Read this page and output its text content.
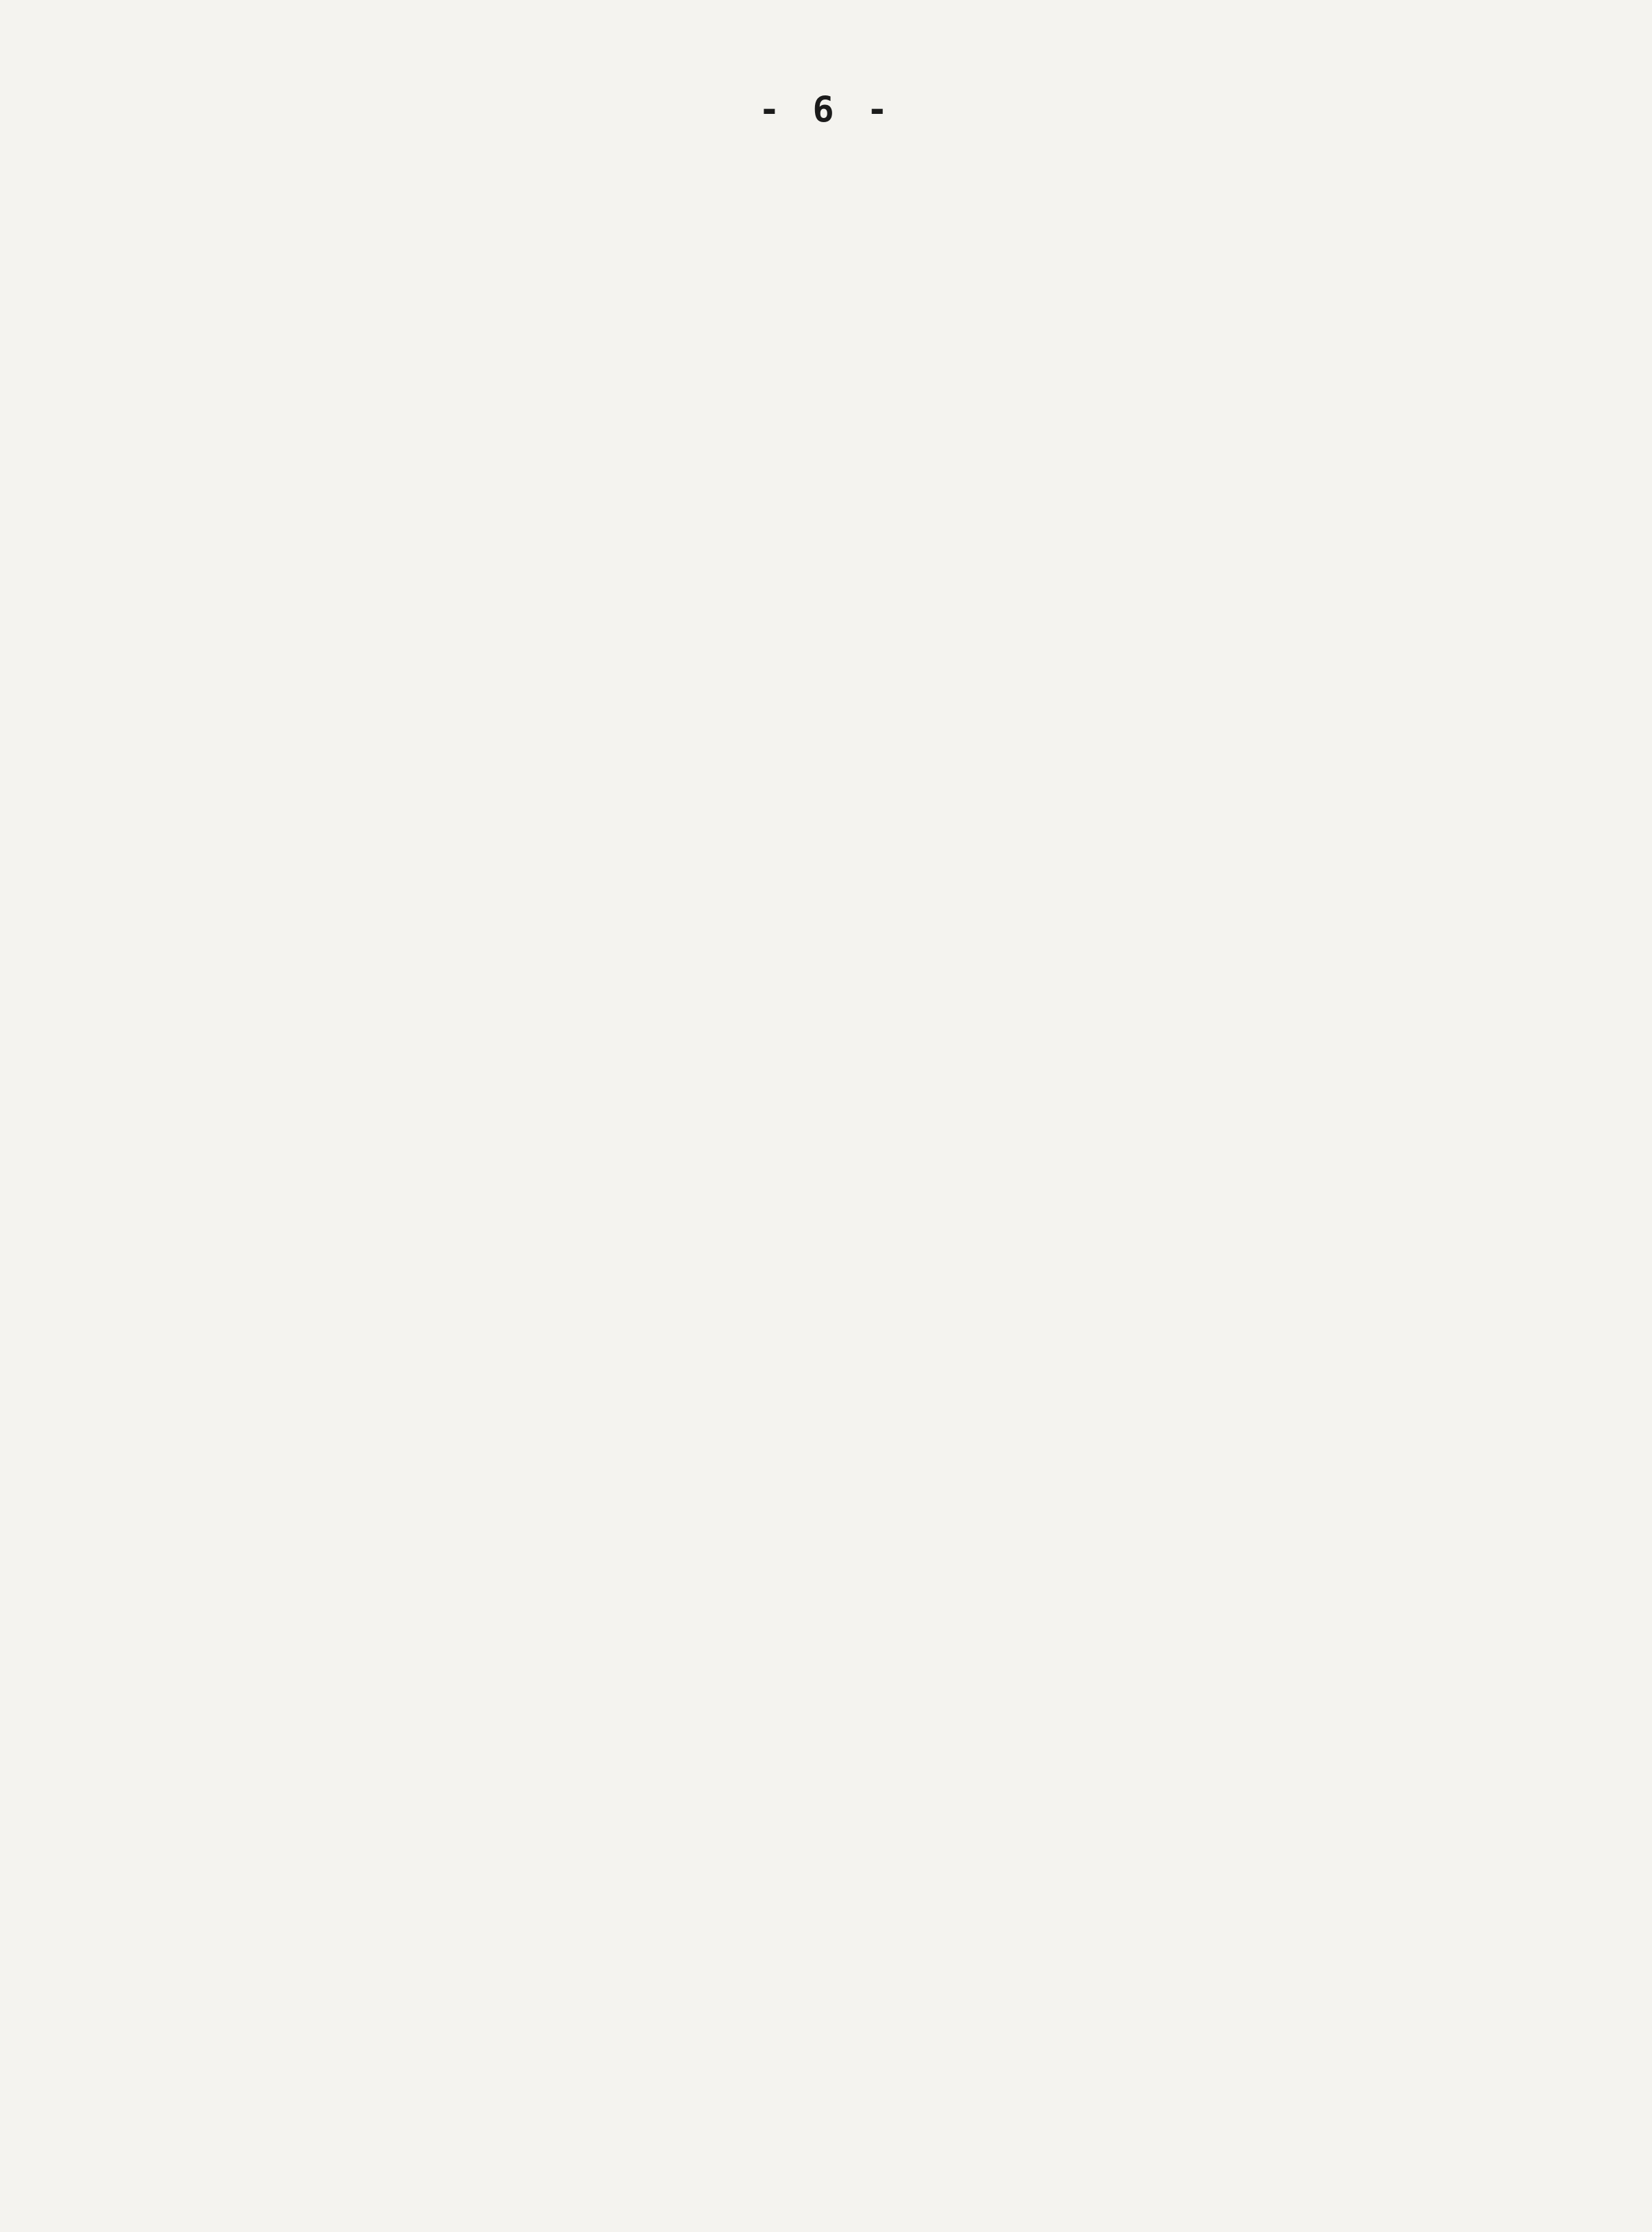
- 6 -
